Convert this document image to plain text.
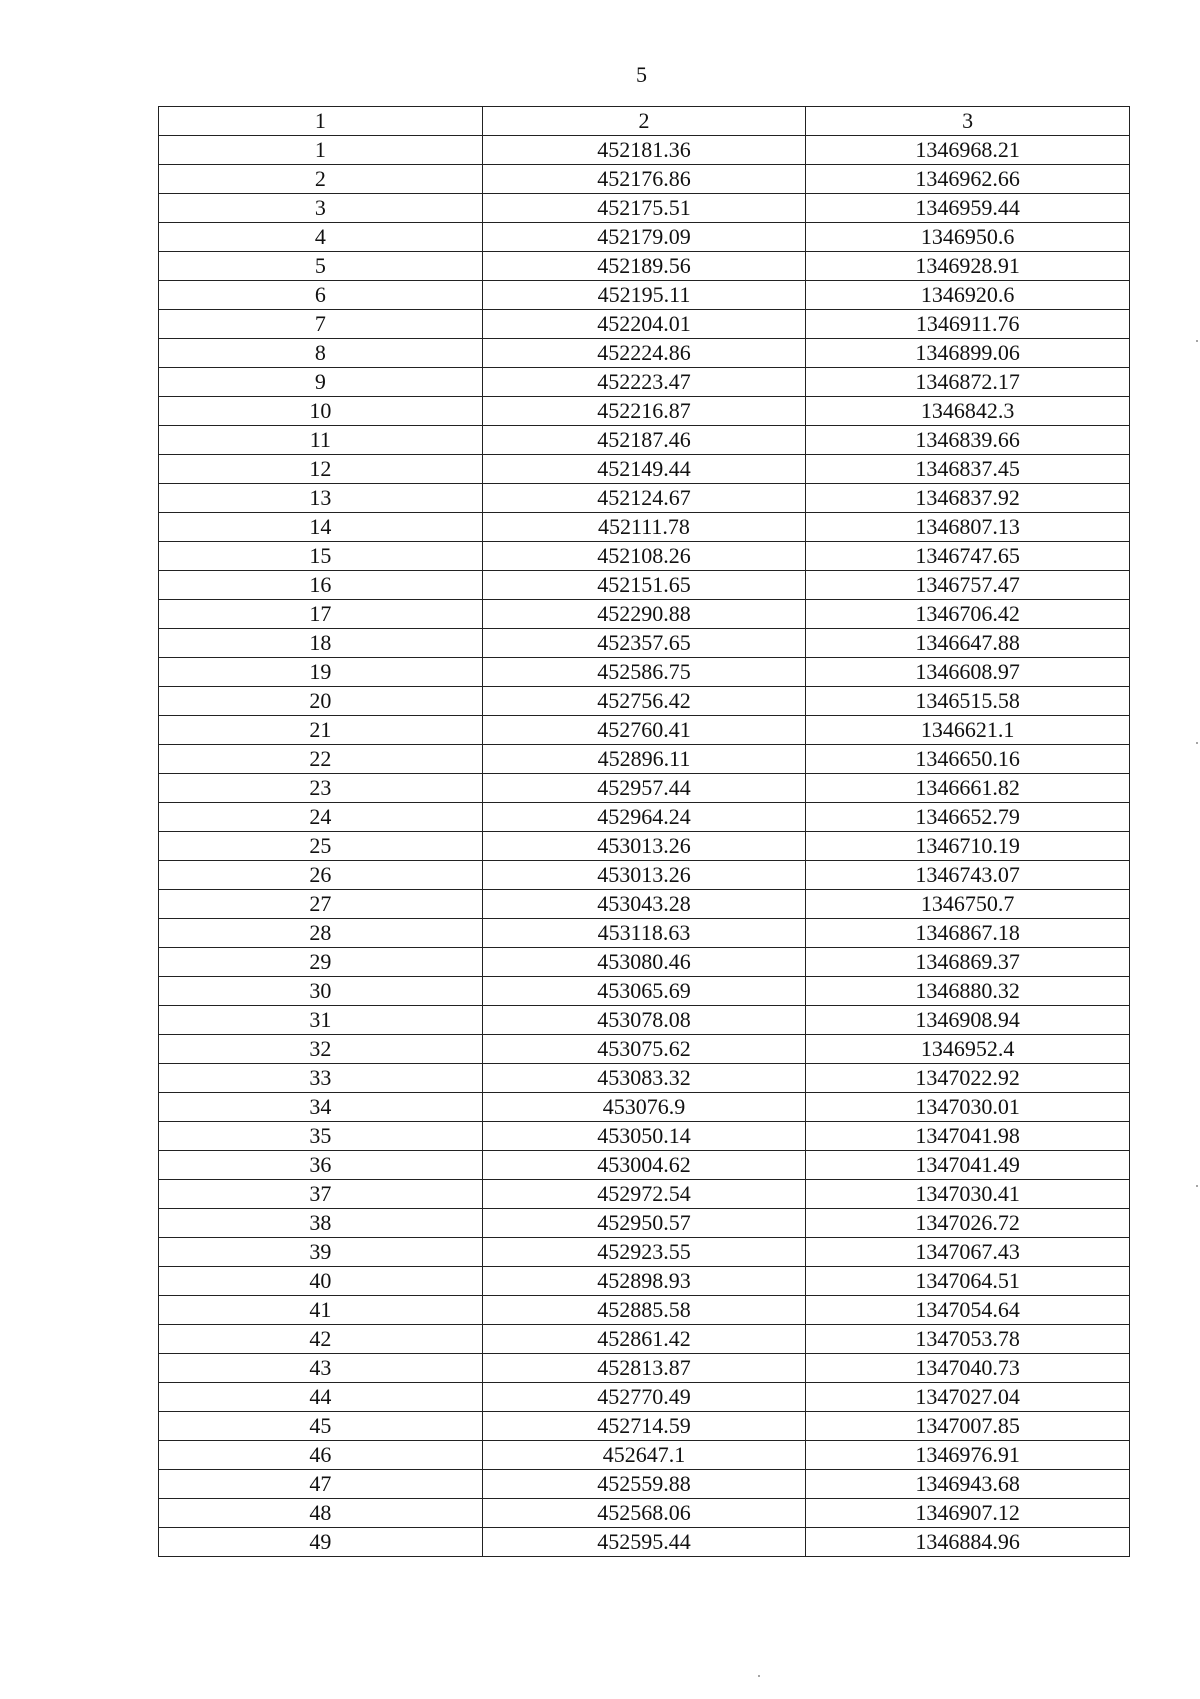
5
1	2	3
1	452181.36	1346968.21
2	452176.86	1346962.66
3	452175.51	1346959.44
4	452179.09	1346950.6
5	452189.56	1346928.91
6	452195.11	1346920.6
7	452204.01	1346911.76
8	452224.86	1346899.06
9	452223.47	1346872.17
10	452216.87	1346842.3
11	452187.46	1346839.66
12	452149.44	1346837.45
13	452124.67	1346837.92
14	452111.78	1346807.13
15	452108.26	1346747.65
16	452151.65	1346757.47
17	452290.88	1346706.42
18	452357.65	1346647.88
19	452586.75	1346608.97
20	452756.42	1346515.58
21	452760.41	1346621.1
22	452896.11	1346650.16
23	452957.44	1346661.82
24	452964.24	1346652.79
25	453013.26	1346710.19
26	453013.26	1346743.07
27	453043.28	1346750.7
28	453118.63	1346867.18
29	453080.46	1346869.37
30	453065.69	1346880.32
31	453078.08	1346908.94
32	453075.62	1346952.4
33	453083.32	1347022.92
34	453076.9	1347030.01
35	453050.14	1347041.98
36	453004.62	1347041.49
37	452972.54	1347030.41
38	452950.57	1347026.72
39	452923.55	1347067.43
40	452898.93	1347064.51
41	452885.58	1347054.64
42	452861.42	1347053.78
43	452813.87	1347040.73
44	452770.49	1347027.04
45	452714.59	1347007.85
46	452647.1	1346976.91
47	452559.88	1346943.68
48	452568.06	1346907.12
49	452595.44	1346884.96
